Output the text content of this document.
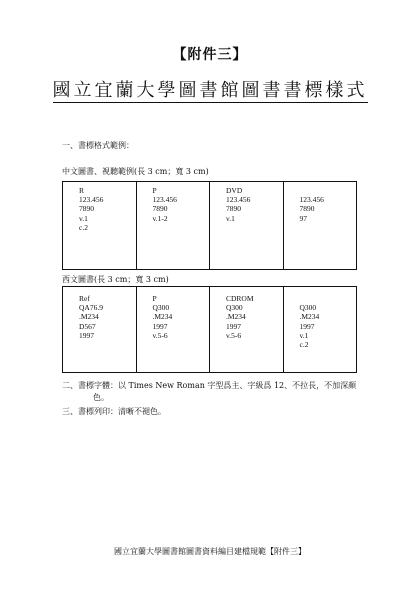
【附件三】
國立宜蘭大學圖書館圖書書標樣式
一、書標格式範例：
中文圖書、視聽範例(長 3 cm；寬 3 cm)
R
123.456
7890
v.1
c.2
P
123.456
7890
v.1-2
DVD
123.456
7890
v.1

123.456
7890
97
西文圖書(長 3 cm；寬 3 cm)
Ref
QA76.9
.M234
D567
1997
P
Q300
.M234
1997
v.5-6
CDROM
Q300
.M234
1997
v.5-6

Q300
.M234
1997
v.1
c.2
二、書標字體：以 Times New Roman 字型爲主、字級爲 12、不拉長，不加深顏
色。
三、書標列印：清晰不褪色。
國立宜蘭大學圖書館圖書資料編目建檔規範【附件三】
